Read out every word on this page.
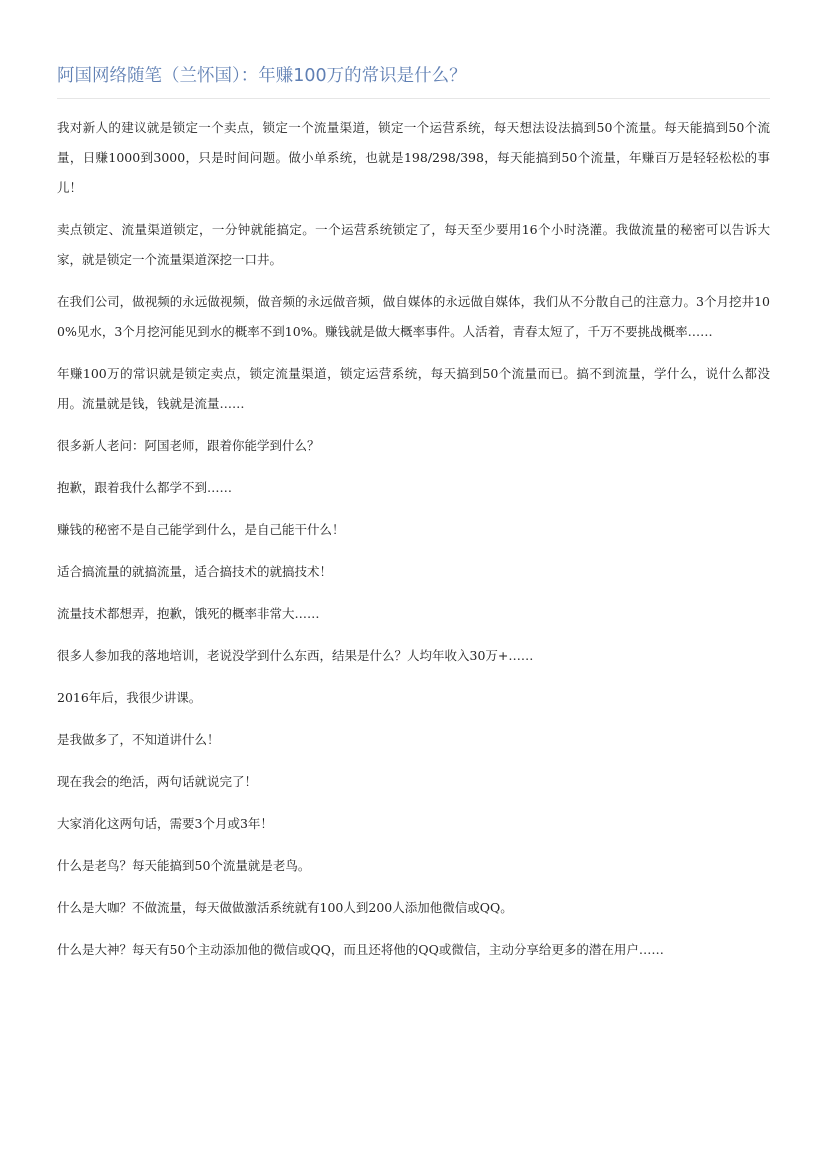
阿国网络随笔（兰怀国）：年赚100万的常识是什么？

我对新人的建议就是锁定一个卖点，锁定一个流量渠道，锁定一个运营系统，每天想法设法搞到50个流量。每天能搞到50个流量，日赚1000到3000，只是时间问题。做小单系统，也就是198/298/398，每天能搞到50个流量，年赚百万是轻轻松松的事儿！

卖点锁定、流量渠道锁定，一分钟就能搞定。一个运营系统锁定了，每天至少要用16个小时浇灌。我做流量的秘密可以告诉大家，就是锁定一个流量渠道深挖一口井。

在我们公司，做视频的永远做视频，做音频的永远做音频，做自媒体的永远做自媒体，我们从不分散自己的注意力。3个月挖井100%见水，3个月挖河能见到水的概率不到10%。赚钱就是做大概率事件。人活着，青春太短了，千万不要挑战概率……

年赚100万的常识就是锁定卖点，锁定流量渠道，锁定运营系统，每天搞到50个流量而已。搞不到流量，学什么，说什么都没用。流量就是钱，钱就是流量……

很多新人老问：阿国老师，跟着你能学到什么？

抱歉，跟着我什么都学不到……

赚钱的秘密不是自己能学到什么，是自己能干什么！

适合搞流量的就搞流量，适合搞技术的就搞技术！

流量技术都想弄，抱歉，饿死的概率非常大……

很多人参加我的落地培训，老说没学到什么东西，结果是什么？人均年收入30万+……

2016年后，我很少讲课。

是我做多了，不知道讲什么！

现在我会的绝活，两句话就说完了！

大家消化这两句话，需要3个月或3年！

什么是老鸟？每天能搞到50个流量就是老鸟。

什么是大咖？不做流量，每天做做激活系统就有100人到200人添加他微信或QQ。

什么是大神？每天有50个主动添加他的微信或QQ，而且还将他的QQ或微信，主动分享给更多的潜在用户……
